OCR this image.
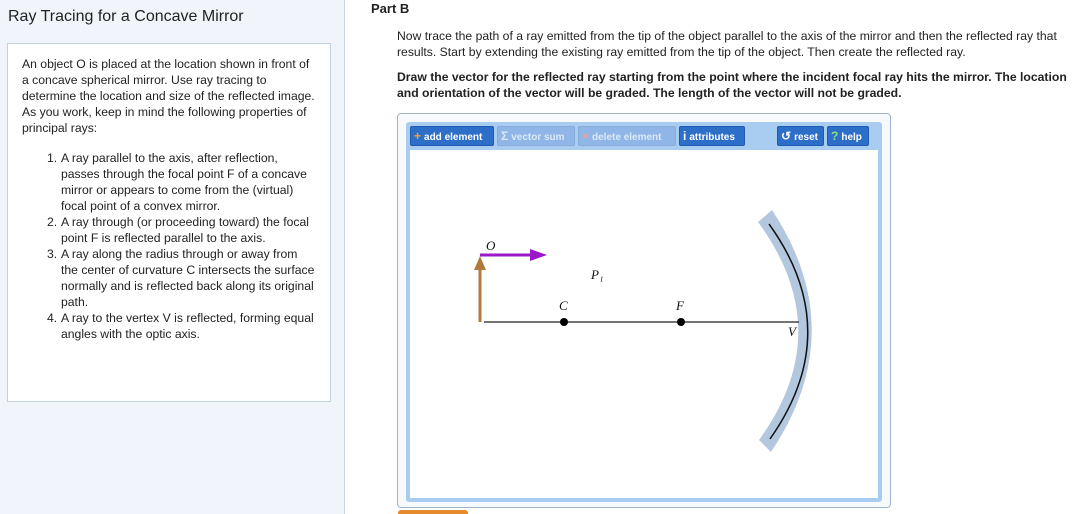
Ray Tracing for a Concave Mirror

An object O is placed at the location shown in front of a concave spherical mirror. Use ray tracing to determine the location and size of the reflected image. As you work, keep in mind the following properties of principal rays:

1. A ray parallel to the axis, after reflection, passes through the focal point F of a concave mirror or appears to come from the (virtual) focal point of a convex mirror.
2. A ray through (or proceeding toward) the focal point F is reflected parallel to the axis.
3. A ray along the radius through or away from the center of curvature C intersects the surface normally and is reflected back along its original path.
4. A ray to the vertex V is reflected, forming equal angles with the optic axis.
Part B
Now trace the path of a ray emitted from the tip of the object parallel to the axis of the mirror and then the reflected ray that results. Start by extending the existing ray emitted from the tip of the object. Then create the reflected ray.
Draw the vector for the reflected ray starting from the point where the incident focal ray hits the mirror. The location and orientation of the vector will be graded. The length of the vector will not be graded.
+ add element	Σ vector sum	× delete element	i attributes	↺ reset	? help
O
P₁
C	F
V
